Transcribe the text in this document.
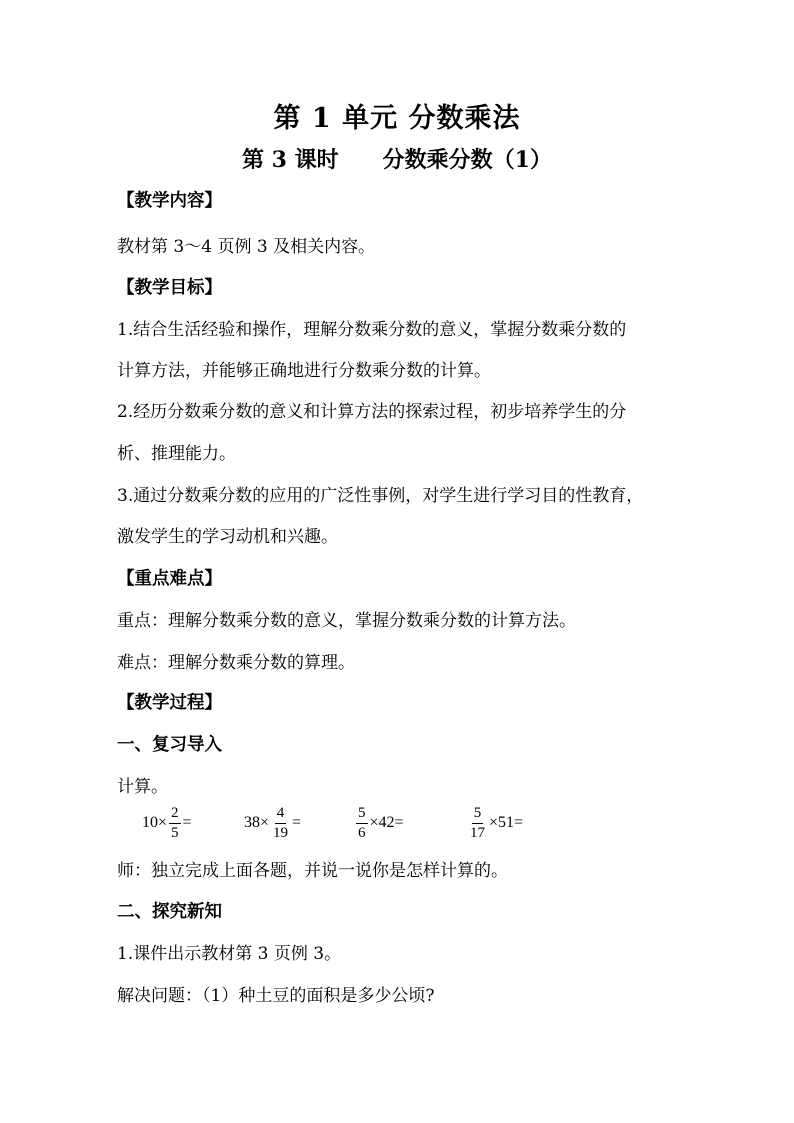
第 1 单元 分数乘法
第 3 课时 分数乘分数（1）
【教学内容】
教材第 3～4 页例 3 及相关内容。
【教学目标】
1.结合生活经验和操作，理解分数乘分数的意义，掌握分数乘分数的
计算方法，并能够正确地进行分数乘分数的计算。
2.经历分数乘分数的意义和计算方法的探索过程，初步培养学生的分
析、推理能力。
3.通过分数乘分数的应用的广泛性事例，对学生进行学习目的性教育，
激发学生的学习动机和兴趣。
【重点难点】
重点：理解分数乘分数的意义，掌握分数乘分数的计算方法。
难点：理解分数乘分数的算理。
【教学过程】
一、复习导入
计算。
$10\times \frac{2}{5}$ =	$38\times \frac{4}{19}$ =	$\frac{5}{6} \times 42=$	$\frac{5}{17} \times 51=$
师：独立完成上面各题，并说一说你是怎样计算的。
二、探究新知
1.课件出示教材第 3 页例 3。
解决问题：（1）种土豆的面积是多少公顷?
